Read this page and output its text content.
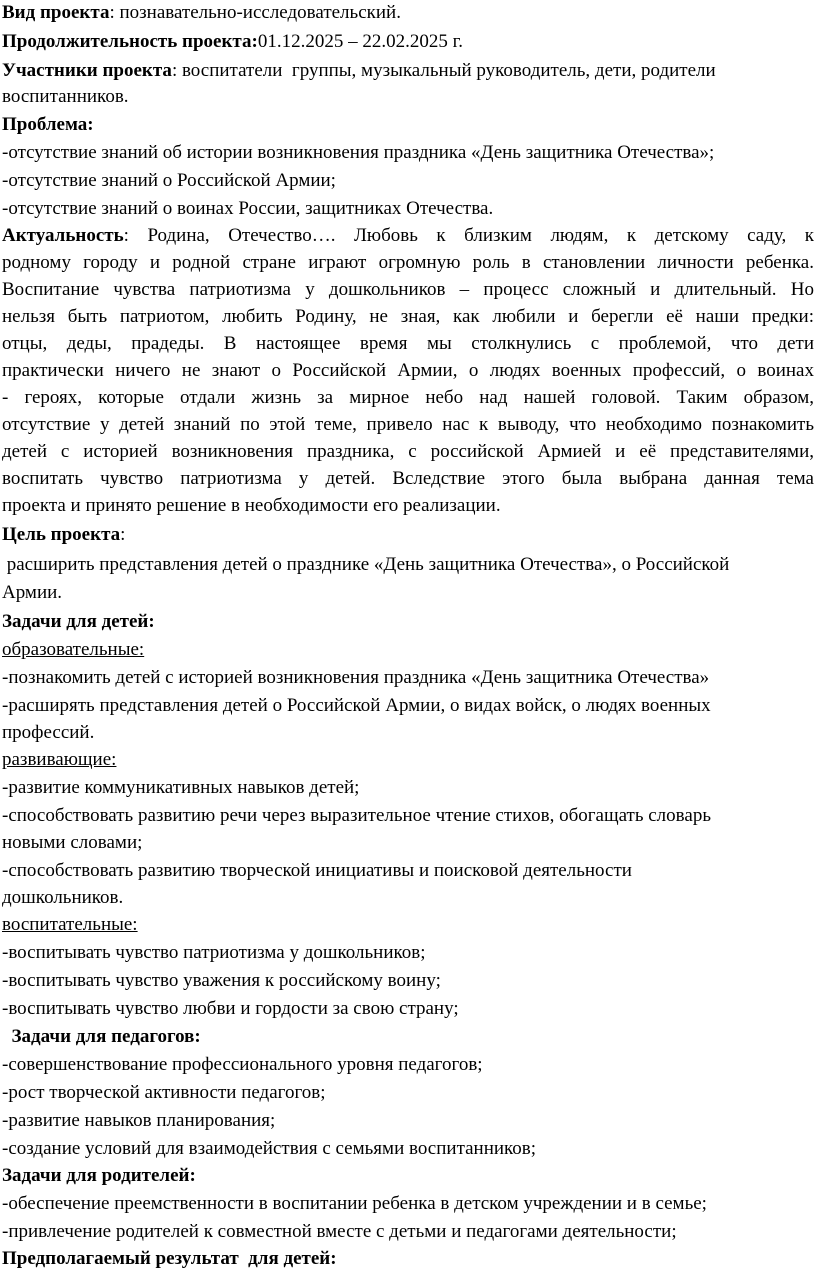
Вид проекта: познавательно-исследовательский.

Продолжительность проекта:01.12.2025 – 22.02.2025 г.

Участники проекта: воспитатели  группы, музыкальный руководитель, дети, родители

воспитанников.

Проблема:

-отсутствие знаний об истории возникновения праздника «День защитника Отечества»;

-отсутствие знаний о Российской Армии;

-отсутствие знаний о воинах России, защитниках Отечества.

Актуальность: Родина, Отечество…. Любовь к близким людям, к детскому саду, к

родному городу и родной стране играют огромную роль в становлении личности ребенка.

Воспитание чувства патриотизма у дошкольников – процесс сложный и длительный. Но

нельзя быть патриотом, любить Родину, не зная, как любили и берегли её наши предки:

отцы, деды, прадеды. В настоящее время мы столкнулись с проблемой, что дети

практически ничего не знают о Российской Армии, о людях военных профессий, о воинах

- героях, которые отдали жизнь за мирное небо над нашей головой. Таким образом,

отсутствие у детей знаний по этой теме, привело нас к выводу, что необходимо познакомить

детей с историей возникновения праздника, с российской Армией и её представителями,

воспитать чувство патриотизма у детей. Вследствие этого была выбрана данная тема

проекта и принято решение в необходимости его реализации.

Цель проекта:

расширить представления детей о празднике «День защитника Отечества», о Российской

Армии.

Задачи для детей:

образовательные:

-познакомить детей с историей возникновения праздника «День защитника Отечества»

-расширять представления детей о Российской Армии, о видах войск, о людях военных

профессий.

развивающие:

-развитие коммуникативных навыков детей;

-способствовать развитию речи через выразительное чтение стихов, обогащать словарь

новыми словами;

-способствовать развитию творческой инициативы и поисковой деятельности

дошкольников.

воспитательные:

-воспитывать чувство патриотизма у дошкольников;

-воспитывать чувство уважения к российскому воину;

-воспитывать чувство любви и гордости за свою страну;

Задачи для педагогов:

-совершенствование профессионального уровня педагогов;

-рост творческой активности педагогов;

-развитие навыков планирования;

-создание условий для взаимодействия с семьями воспитанников;

Задачи для родителей:

-обеспечение преемственности в воспитании ребенка в детском учреждении и в семье;

-привлечение родителей к совместной вместе с детьми и педагогами деятельности;

Предполагаемый результат  для детей:
